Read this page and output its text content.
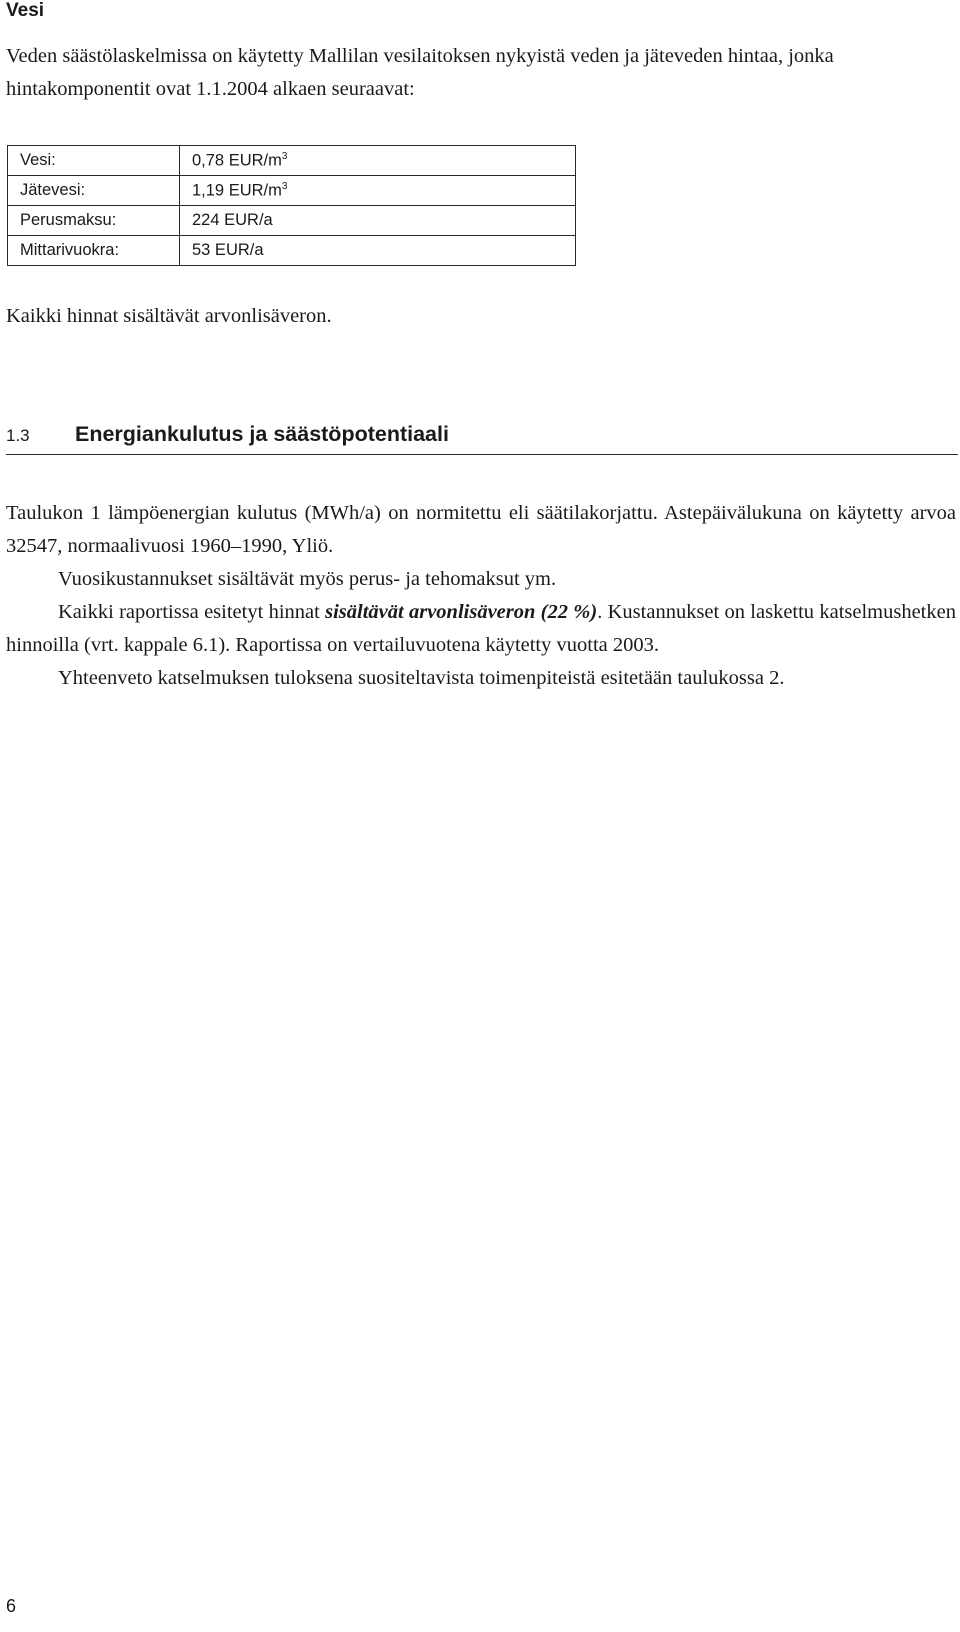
Vesi

Veden säästölaskelmissa on käytetty Mallilan vesilaitoksen nykyistä veden ja jäteveden hintaa, jonka hintakomponentit ovat 1.1.2004 alkaen seuraavat:

Vesi:	0,78 EUR/$m^3$
Jätevesi:	1,19 EUR/$m^3$
Perusmaksu:	224 EUR/a
Mittarivuokra:	53 EUR/a

Kaikki hinnat sisältävät arvonlisäveron.

1.3 Energiankulutus ja säästöpotentiaali

Taulukon 1 lämpöenergian kulutus (MWh/a) on normitettu eli säätilakorjattu. Astepäivälukuna on käytetty arvoa 32547, normaalivuosi 1960–1990, Yliö.

Vuosikustannukset sisältävät myös perus- ja tehomaksut ym.

Kaikki raportissa esitetyt hinnat sisältävät arvonlisäveron (22 %). Kustannukset on laskettu katselmushetken hinnoilla (vrt. kappale 6.1). Raportissa on vertailuvuotena käytetty vuotta 2003.

Yhteenveto katselmuksen tuloksena suositeltavista toimenpiteistä esitetään taulukossa 2.

6
